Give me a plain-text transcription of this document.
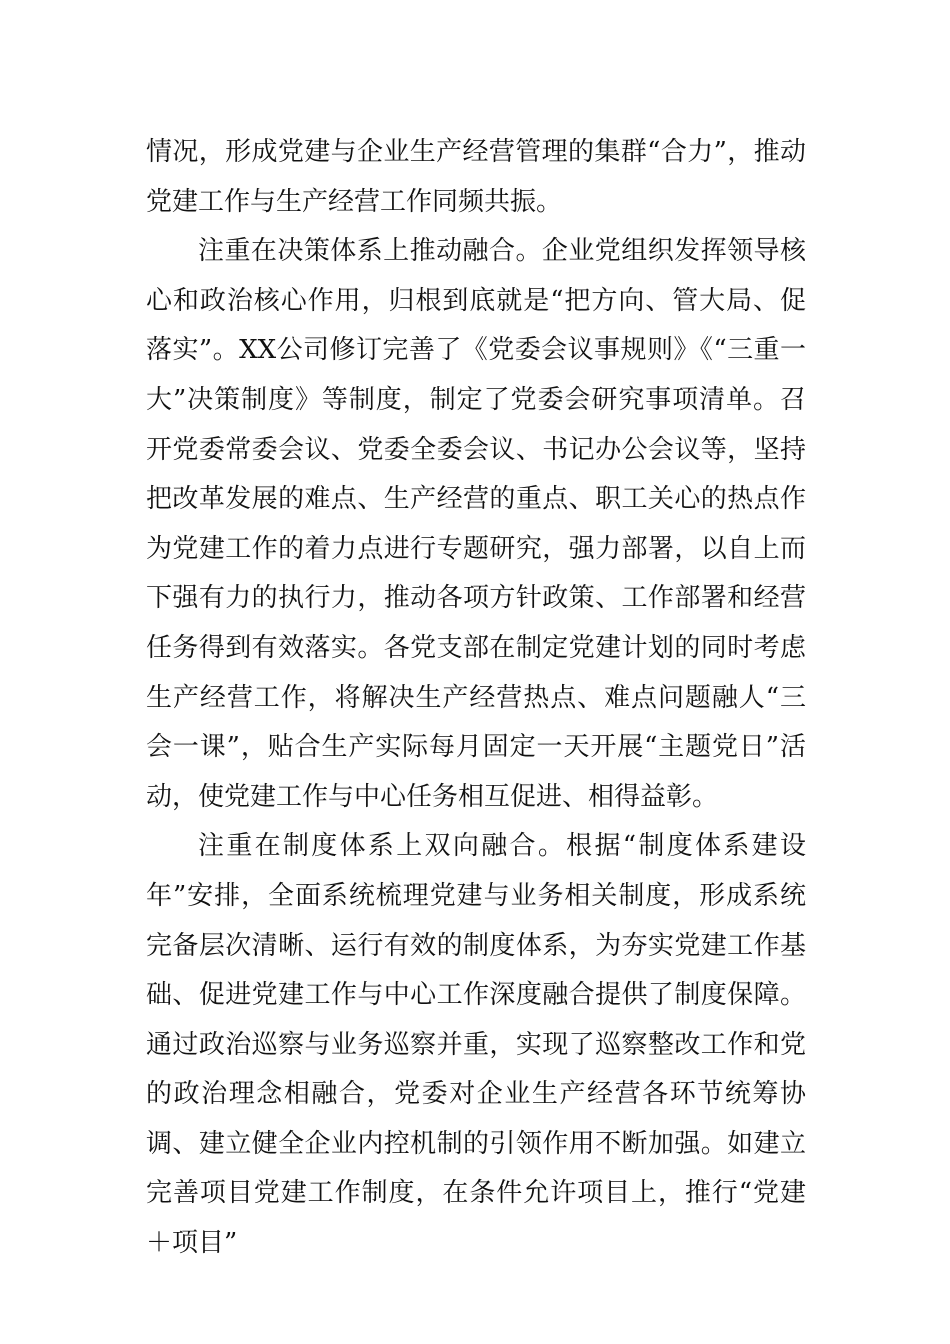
情况，形成党建与企业生产经营管理的集群“合力”，推动党建工作与生产经营工作同频共振。

注重在决策体系上推动融合。企业党组织发挥领导核心和政治核心作用，归根到底就是“把方向、管大局、促落实”。XX公司修订完善了《党委会议事规则》《“三重一大”决策制度》等制度，制定了党委会研究事项清单。召开党委常委会议、党委全委会议、书记办公会议等，坚持把改革发展的难点、生产经营的重点、职工关心的热点作为党建工作的着力点进行专题研究，强力部署，以自上而下强有力的执行力，推动各项方针政策、工作部署和经营任务得到有效落实。各党支部在制定党建计划的同时考虑生产经营工作，将解决生产经营热点、难点问题融人“三会一课”，贴合生产实际每月固定一天开展“主题党日”活动，使党建工作与中心任务相互促进、相得益彰。

注重在制度体系上双向融合。根据“制度体系建设年”安排，全面系统梳理党建与业务相关制度，形成系统完备层次清晰、运行有效的制度体系，为夯实党建工作基础、促进党建工作与中心工作深度融合提供了制度保障。通过政治巡察与业务巡察并重，实现了巡察整改工作和党的政治理念相融合，党委对企业生产经营各环节统筹协调、建立健全企业内控机制的引领作用不断加强。如建立完善项目党建工作制度，在条件允许项目上，推行“党建＋项目”
